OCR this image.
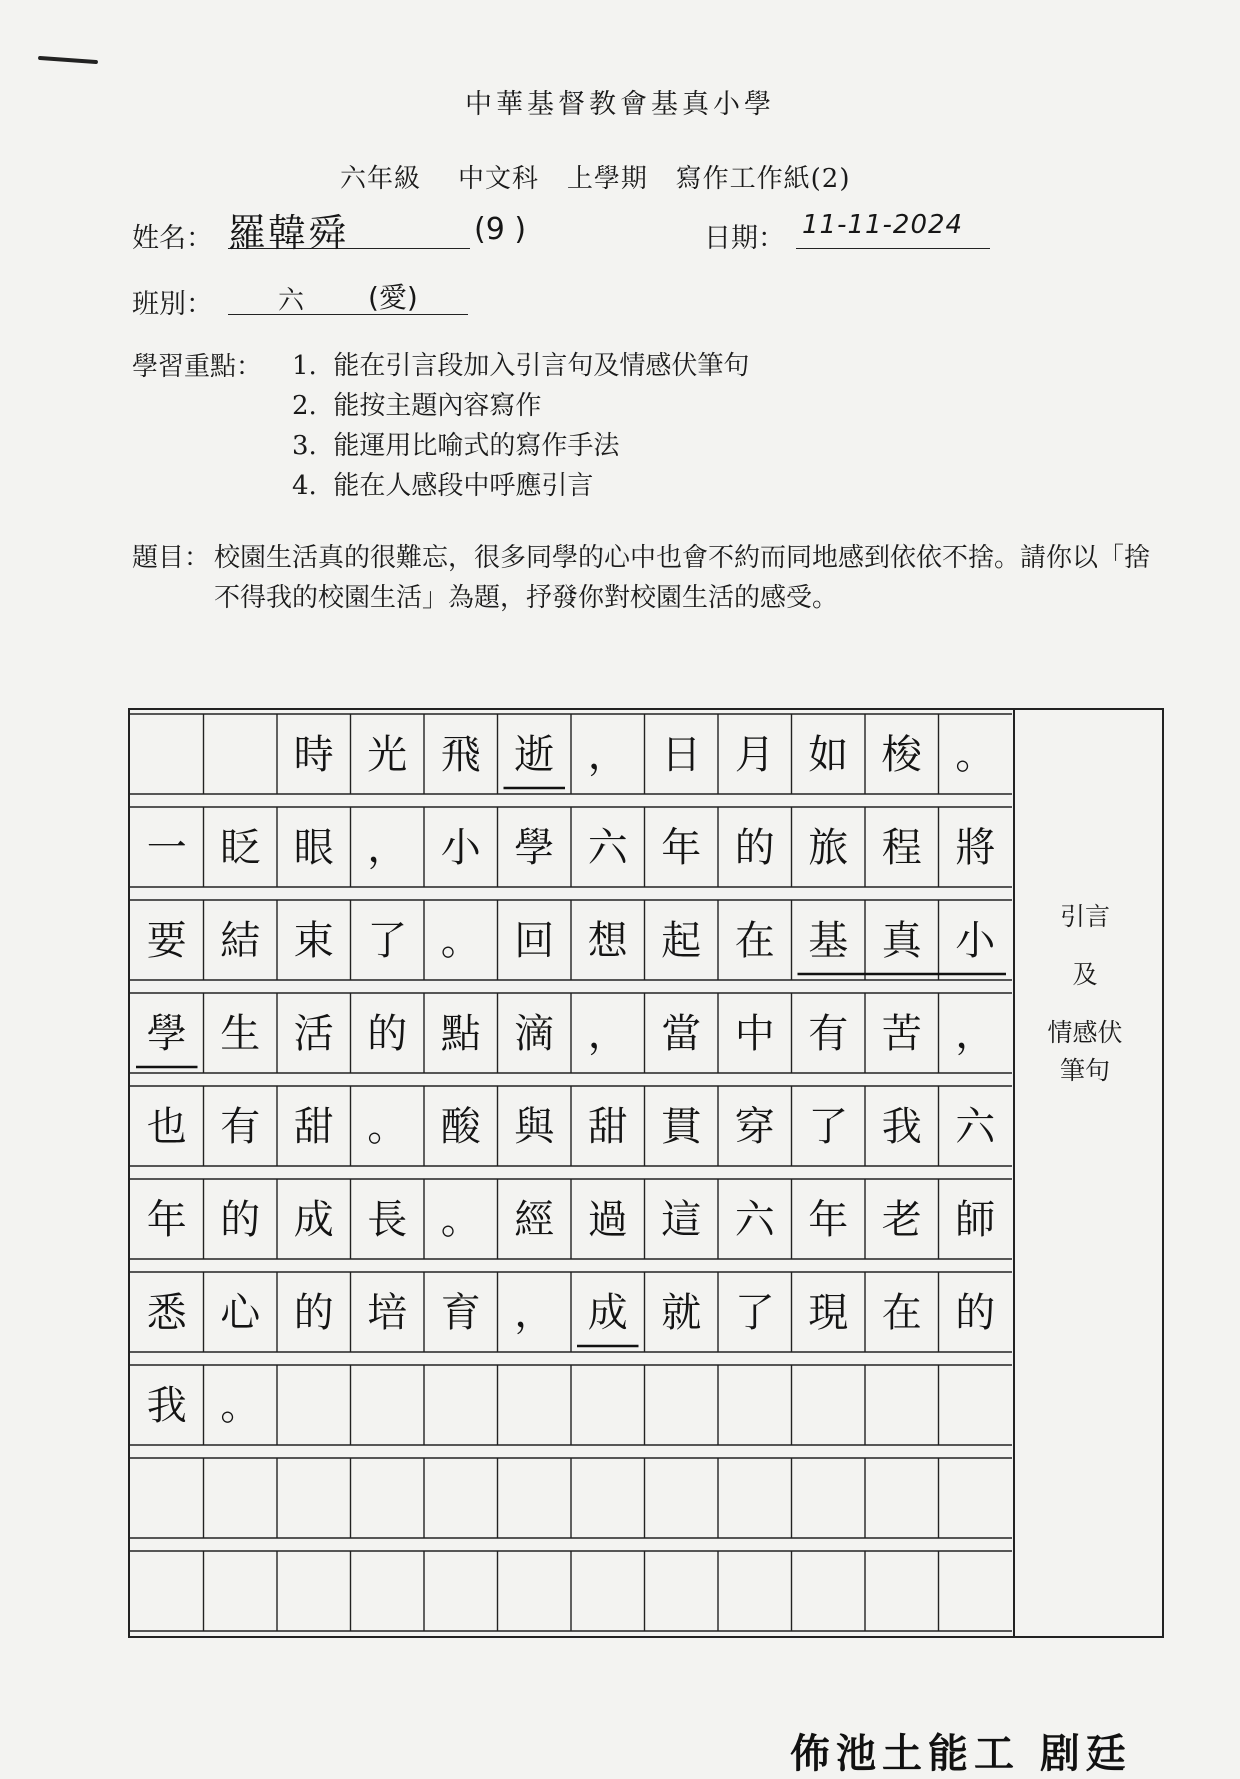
中華基督教會基真小學
六年級    中文科   上學期   寫作工作紙(2)
姓名： 羅韓舜	(9 )	日期： 11-11-2024
班別：	六 (愛)
學習重點： 1.  能在引言段加入引言句及情感伏筆句
2.  能按主題內容寫作
3.  能運用比喻式的寫作手法
4.  能在人感段中呼應引言
題目： 校園生活真的很難忘，很多同學的心中也會不約而同地感到依依不捨。請你以「捨不得我的校園生活」為題，抒發你對校園生活的感受。
時 光 飛 逝 ， 日 月 如 梭 。
一 眨 眼 ， 小 學 六 年 的 旅 程 將
要 結 束 了 。 回 想 起 在 基 真 小
學 生 活 的 點 滴 ， 當 中 有 苦 ，
也 有 甜 。 酸 與 甜 貫 穿 了 我 六
年 的 成 長 。 經 過 這 六 年 老 師
悉 心 的 培 育 ， 成 就 了 現 在 的
我 。
引言
及
情感伏
筆句
佈池土能工 剧廷
